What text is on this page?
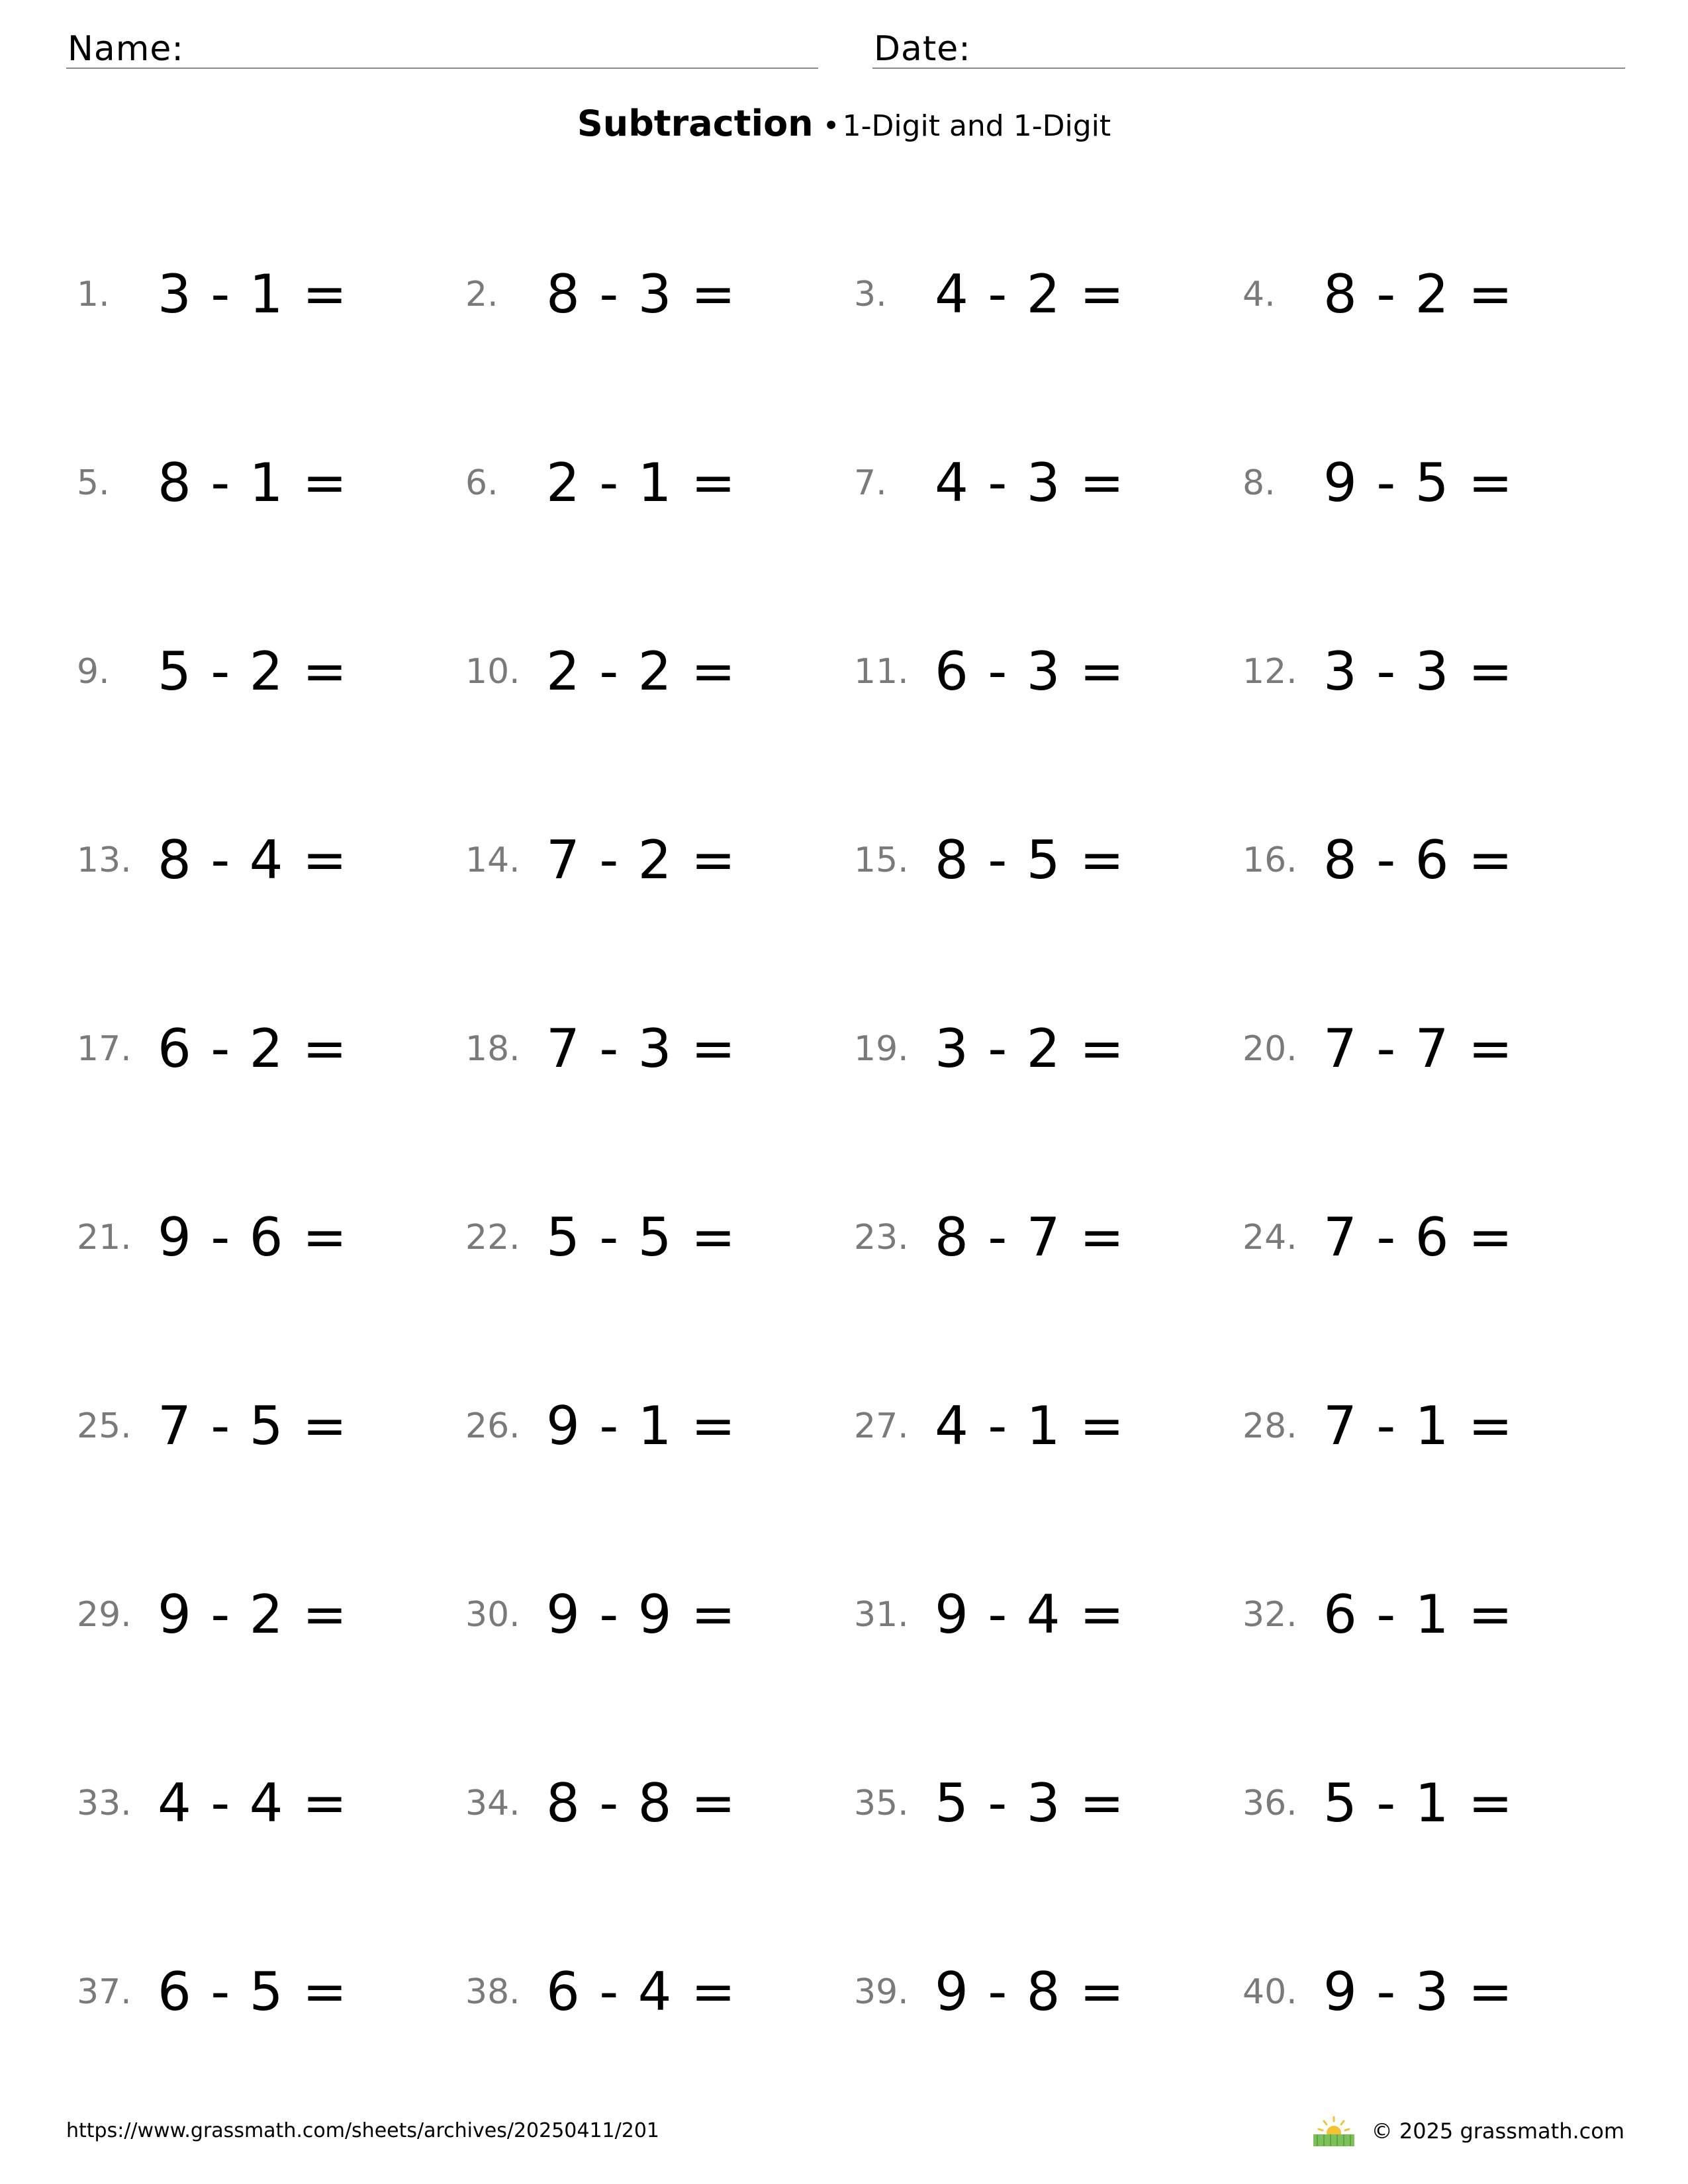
Name:	Date:
Subtraction •1-Digit and 1-Digit
1. 3 - 1 =	2. 8 - 3 =	3. 4 - 2 =	4. 8 - 2 =
5. 8 - 1 =	6. 2 - 1 =	7. 4 - 3 =	8. 9 - 5 =
9. 5 - 2 =	10. 2 - 2 =	11. 6 - 3 =	12. 3 - 3 =
13. 8 - 4 =	14. 7 - 2 =	15. 8 - 5 =	16. 8 - 6 =
17. 6 - 2 =	18. 7 - 3 =	19. 3 - 2 =	20. 7 - 7 =
21. 9 - 6 =	22. 5 - 5 =	23. 8 - 7 =	24. 7 - 6 =
25. 7 - 5 =	26. 9 - 1 =	27. 4 - 1 =	28. 7 - 1 =
29. 9 - 2 =	30. 9 - 9 =	31. 9 - 4 =	32. 6 - 1 =
33. 4 - 4 =	34. 8 - 8 =	35. 5 - 3 =	36. 5 - 1 =
37. 6 - 5 =	38. 6 - 4 =	39. 9 - 8 =	40. 9 - 3 =
https://www.grassmath.com/sheets/archives/20250411/201	© 2025 grassmath.com
